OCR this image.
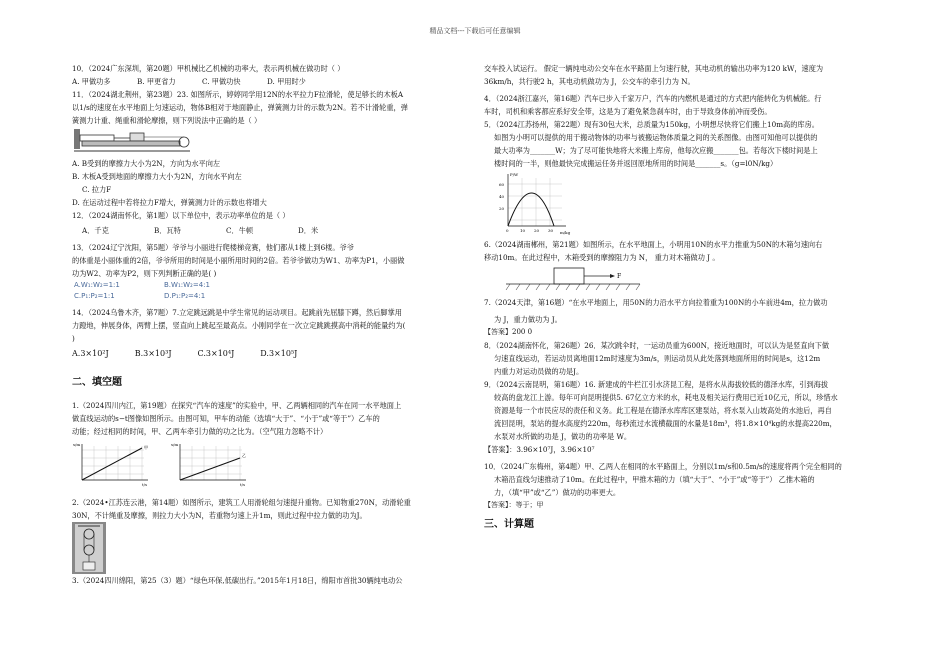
精品文档---下载后可任意编辑

10．（2024广东深圳，第20题）甲机械比乙机械的功率大，表示两机械在做功时（ ）

A. 甲做功多	B. 甲更省力	C. 甲做功快	D. 甲用时少

11．（2024湖北荆州，第23题）23. 如图所示，婷婷同学用12N的水平拉力F拉滑轮，使足够长的木板A

以1/s的速度在水平地面上匀速运动，物体B相对于地面静止，弹簧测力计的示数为2N。若不计滑轮重，弹

簧测力计重、绳重和滑轮摩擦，则下列说法中正确的是（ ）

A. B受到的摩擦力大小为2N，方向为水平向左

B. 木板A受到地面的摩擦力大小为2N，方向水平向左

C. 拉力F

D. 在运动过程中若将拉力F增大，弹簧测力计的示数也将增大

12．（2024湖南怀化，第1题）以下单位中，表示功率单位的是（ ）

A．千克	B．瓦特	C．牛顿	D．米

13．（2024辽宁沈阳，第5题）爷爷与小丽进行爬楼梯竞赛，他们都从1楼上到6楼。爷爷

的体重是小丽体重的2倍，爷爷所用的时间是小丽所用时间的2倍。若爷爷做功为W1、功率为P1，小丽做

功为W2、功率为P2，则下列判断正确的是( )

A.W₁:W₂=1:1	B.W₁:W₂=4:1
C.P₁:P₂=1:1	D.P₁:P₂=4:1

14．（2024乌鲁木齐，第7题）7.立定跳远跳是中学生常见的运动项目。起跳前先屈膝下蹲，然后脚掌用

力蹬地，伸展身体，两臂上摆，竖直向上跳起至最高点。小刚同学在一次立定跳跳摸高中消耗的能量约为(

)

A.3×10²J	B.3×10³J	C.3×10⁴J	D.3×10⁵J
二、填空题

1.（2024四川内江，第19题）在探究“汽车的速度”的实验中，甲、乙两辆相同的汽车在同一水平地面上

做直线运动的s−t图像如图所示。由图可知，甲车的动能（选填“大于”、“小于”或“等于”）乙车的

动能；经过相同的时间，甲、乙两车牵引力做的功之比为。（空气阻力忽略不计）

s/m
t/s
甲
s/m
t/s
乙

2.（2024•江苏连云港，第14题）如图所示，建筑工人用滑轮组匀速提升重物。已知物重270N，动滑轮重

30N，不计绳重及摩擦，则拉力大小为N，若重物匀速上升1m，则此过程中拉力做的功为J。

3.（2024四川绵阳，第25（3）题）“绿色环保,低碳出行。”2015年1月18日，绵阳市首批30辆纯电动公

交车投入试运行。 假定一辆纯电动公交车在水平路面上匀速行驶，其电动机的输出功率为120 kW，速度为

36km/h，共行驶2 h，其电动机做功为 J，公交车的牵引力为 N。

4．（2024浙江嘉兴，第16题）汽车已步入千家万户，汽车的内燃机是通过的方式把内能转化为机械能。行

车时，司机和乘客都应系好安全带，这是为了避免紧急刹车时，由于导致身体前冲而受伤。

5．（2024江苏扬州，第22题）现有30包大米，总质量为150kg，小明想尽快将它们搬上10m高的库房。

如图为小明可以提供的用于搬动物体的功率与被搬运物体质量之间的关系图像。由图可知他可以提供的

最大功率为_______W；为了尽可能快地将大米搬上库房，他每次应搬_______包。若每次下楼时间是上

楼时间的一半，则他最快完成搬运任务并返回原地所用的时间是_______s。（g=l0N/kg）

P/W
m/kg
60
40
20
0	10 20 30

6.（2024湖南郴州，第21题）如图所示，在水平地面上，小明用10N的水平力推重为50N的木箱匀速向右

移动10m。在此过程中，木箱受到的摩擦阻力为 N， 重力对木箱做功 J 。

F

7.（2024天津，第16题）“在水平地面上，用50N的力沿水平方向拉着重为100N的小车前进4m，拉力做功

为 J，重力做功为 J。

【答案】200 0

8．（2024湖南怀化，第26题）26．某次跳伞时，一运动员重为600N，接近地面时，可以认为是竖直向下做

匀速直线运动，若运动员离地面12m时速度为3m/s，则运动员从此处落到地面所用的时间是s，这12m

内重力对运动员做的功是J。

9．（2024云南昆明，第16题）16. 新建成的牛栏江引水济昆工程，是将水从海拔较低的德泽水库，引到海拔

较高的盘龙江上游。每年可向昆明提供5. 67亿立方米的水，耗电及相关运行费用已近10亿元，所以，珍惜水

资源是每一个市民应尽的责任和义务。此工程是在德泽水库库区建泵站，将水泵入山坡高处的水池后，再自

流回昆明，泵站的提水高度约220m，每秒流过水流横截面的水量是18m³，将1.8×10⁴kg的水提高220m，

水泵对水所做的功是 J，做功的功率是 W。

【答案】：3.96×10⁷J，3.96×10⁷

10．（2024广东梅州，第4题）甲、乙两人在相同的水平路面上，分别以1m/s和0.5m/s的速度将两个完全相同的

木箱沿直线匀速推动了10m。在此过程中，甲推木箱的力（填“大于”、“小于”或“等于”） 乙推木箱的

力，（填“甲”或“乙”）做功的功率更大。

【答案】：等于；甲

三、计算题
